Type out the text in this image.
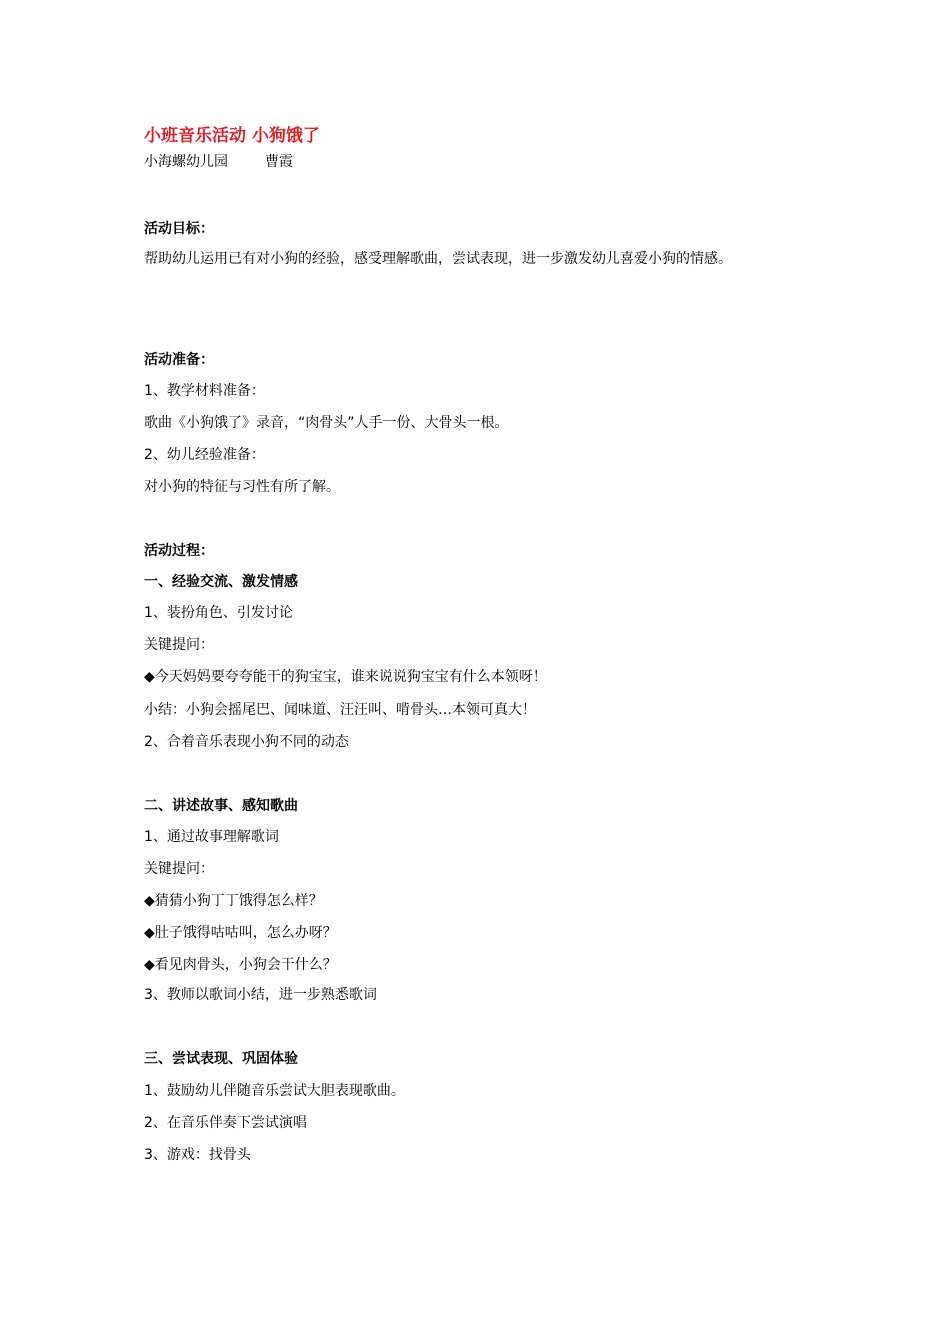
小班音乐活动 小狗饿了
小海螺幼儿园	曹霞
活动目标：
帮助幼儿运用已有对小狗的经验，感受理解歌曲，尝试表现，进一步激发幼儿喜爱小狗的情感。
活动准备：
1、教学材料准备：
歌曲《小狗饿了》录音，“肉骨头”人手一份、大骨头一根。
2、幼儿经验准备：
对小狗的特征与习性有所了解。
活动过程：
一、经验交流、激发情感
1、装扮角色、引发讨论
关键提问：
◆今天妈妈要夸夸能干的狗宝宝，谁来说说狗宝宝有什么本领呀！
小结：小狗会摇尾巴、闻味道、汪汪叫、啃骨头…本领可真大！
2、合着音乐表现小狗不同的动态
二、讲述故事、感知歌曲
1、通过故事理解歌词
关键提问：
◆猜猜小狗丁丁饿得怎么样？
◆肚子饿得咕咕叫，怎么办呀？
◆看见肉骨头，小狗会干什么？
3、教师以歌词小结，进一步熟悉歌词
三、尝试表现、巩固体验
1、鼓励幼儿伴随音乐尝试大胆表现歌曲。
2、在音乐伴奏下尝试演唱
3、游戏：找骨头
